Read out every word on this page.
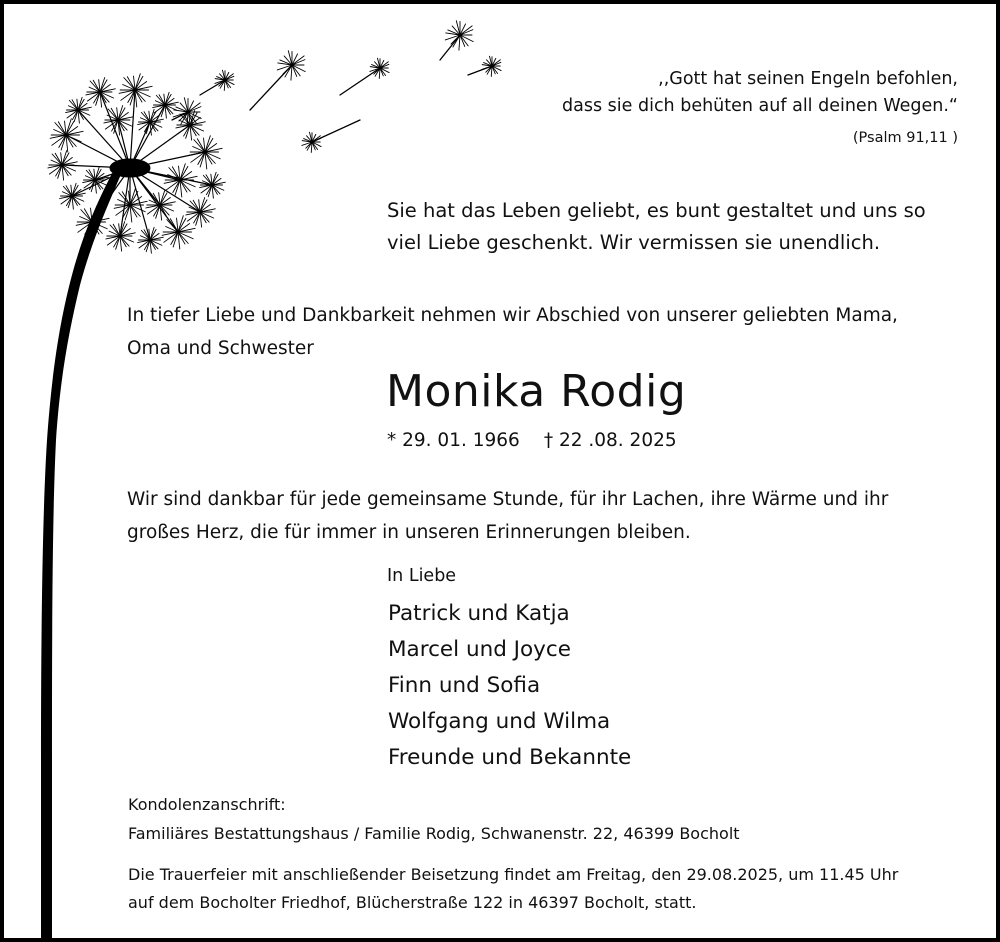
,,Gott hat seinen Engeln befohlen,
dass sie dich behüten auf all deinen Wegen.“
(Psalm 91,11 )
Sie hat das Leben geliebt, es bunt gestaltet und uns so
viel Liebe geschenkt. Wir vermissen sie unendlich.
In tiefer Liebe und Dankbarkeit nehmen wir Abschied von unserer geliebten Mama,
Oma und Schwester
Monika Rodig
* 29. 01. 1966 † 22 .08. 2025
Wir sind dankbar für jede gemeinsame Stunde, für ihr Lachen, ihre Wärme und ihr
großes Herz, die für immer in unseren Erinnerungen bleiben.
In Liebe
Patrick und Katja
Marcel und Joyce
Finn und Sofia
Wolfgang und Wilma
Freunde und Bekannte
Kondolenzanschrift:
Familiäres Bestattungshaus / Familie Rodig, Schwanenstr. 22, 46399 Bocholt
Die Trauerfeier mit anschließender Beisetzung findet am Freitag, den 29.08.2025, um 11.45 Uhr
auf dem Bocholter Friedhof, Blücherstraße 122 in 46397 Bocholt, statt.
